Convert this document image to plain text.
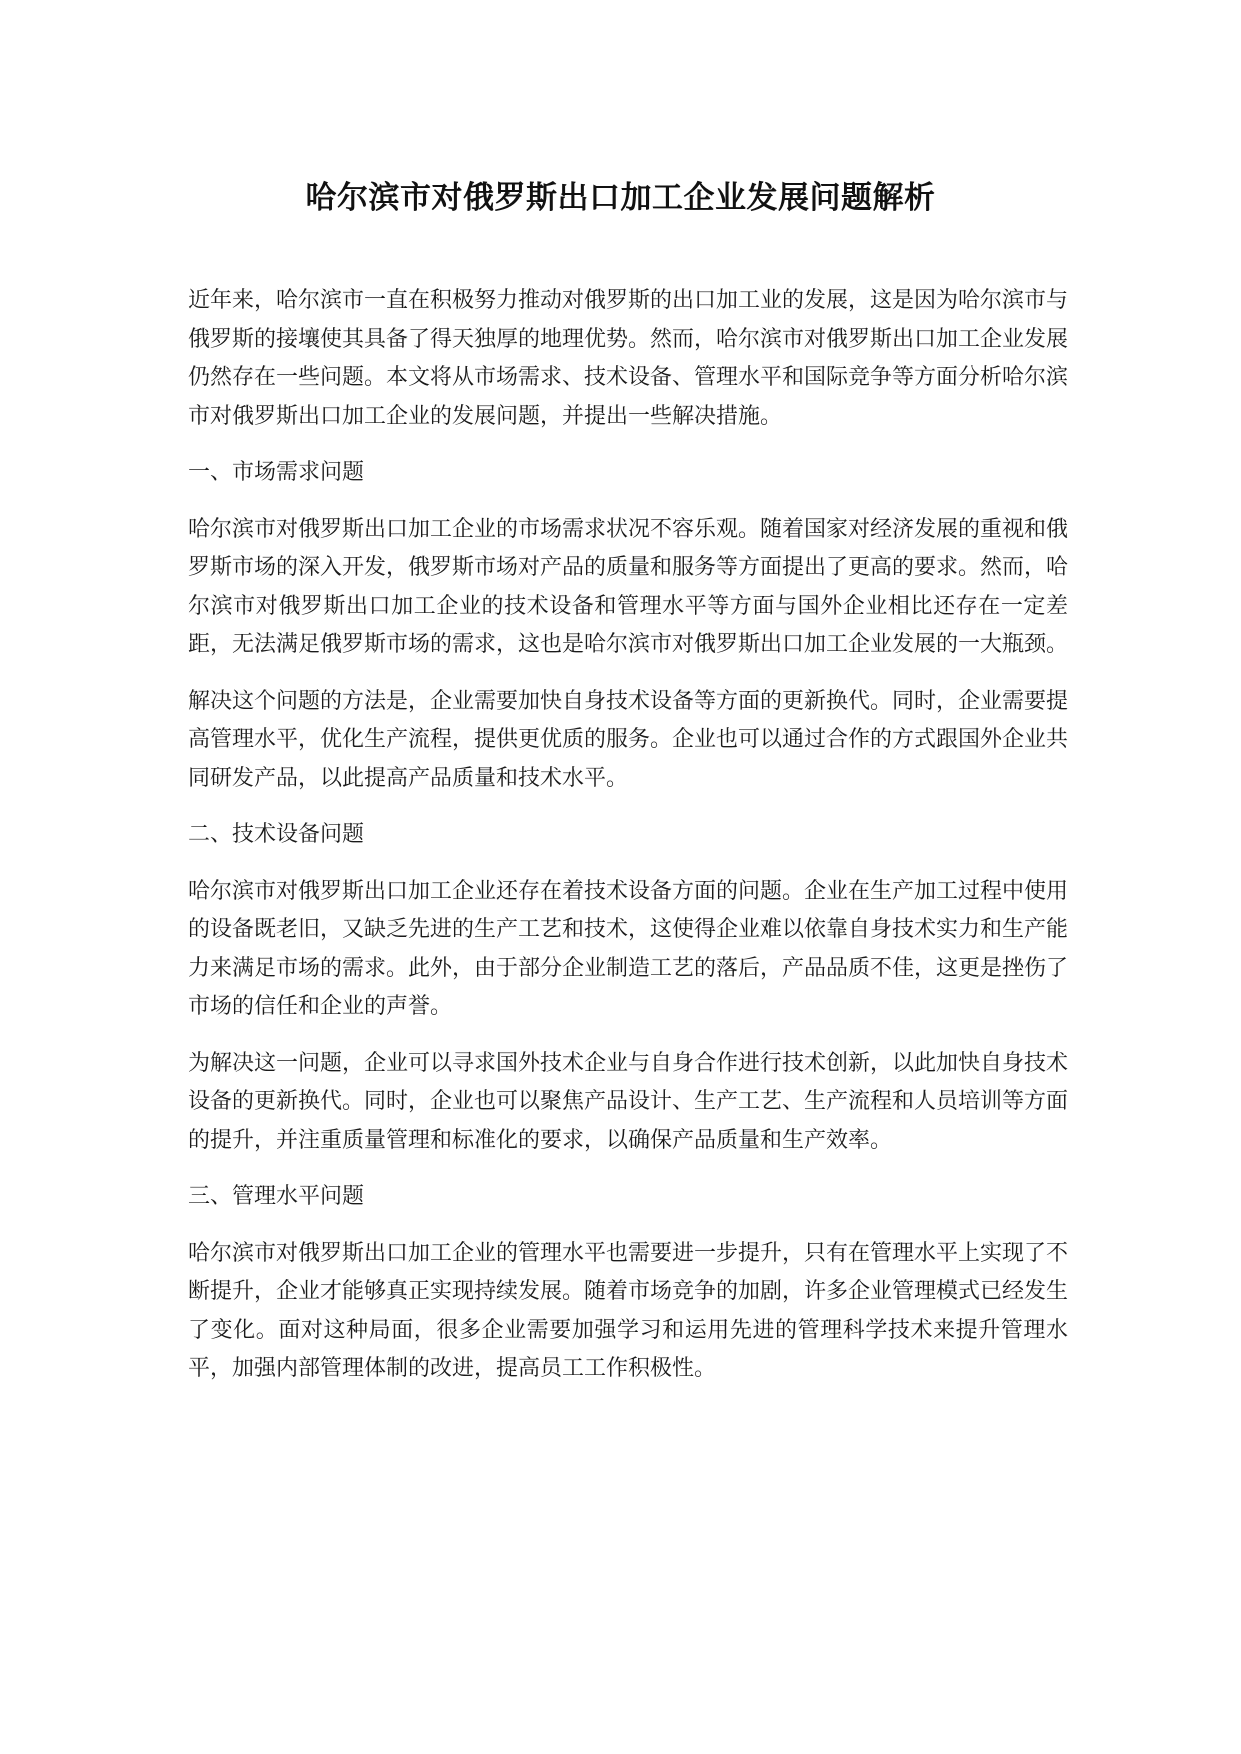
哈尔滨市对俄罗斯出口加工企业发展问题解析

近年来，哈尔滨市一直在积极努力推动对俄罗斯的出口加工业的发展，这是因为哈尔滨市与俄罗斯的接壤使其具备了得天独厚的地理优势。然而，哈尔滨市对俄罗斯出口加工企业发展仍然存在一些问题。本文将从市场需求、技术设备、管理水平和国际竞争等方面分析哈尔滨市对俄罗斯出口加工企业的发展问题，并提出一些解决措施。

一、市场需求问题

哈尔滨市对俄罗斯出口加工企业的市场需求状况不容乐观。随着国家对经济发展的重视和俄罗斯市场的深入开发，俄罗斯市场对产品的质量和服务等方面提出了更高的要求。然而，哈尔滨市对俄罗斯出口加工企业的技术设备和管理水平等方面与国外企业相比还存在一定差距，无法满足俄罗斯市场的需求，这也是哈尔滨市对俄罗斯出口加工企业发展的一大瓶颈。

解决这个问题的方法是，企业需要加快自身技术设备等方面的更新换代。同时，企业需要提高管理水平，优化生产流程，提供更优质的服务。企业也可以通过合作的方式跟国外企业共同研发产品，以此提高产品质量和技术水平。

二、技术设备问题

哈尔滨市对俄罗斯出口加工企业还存在着技术设备方面的问题。企业在生产加工过程中使用的设备既老旧，又缺乏先进的生产工艺和技术，这使得企业难以依靠自身技术实力和生产能力来满足市场的需求。此外，由于部分企业制造工艺的落后，产品品质不佳，这更是挫伤了市场的信任和企业的声誉。

为解决这一问题，企业可以寻求国外技术企业与自身合作进行技术创新，以此加快自身技术设备的更新换代。同时，企业也可以聚焦产品设计、生产工艺、生产流程和人员培训等方面的提升，并注重质量管理和标准化的要求，以确保产品质量和生产效率。

三、管理水平问题

哈尔滨市对俄罗斯出口加工企业的管理水平也需要进一步提升，只有在管理水平上实现了不断提升，企业才能够真正实现持续发展。随着市场竞争的加剧，许多企业管理模式已经发生了变化。面对这种局面，很多企业需要加强学习和运用先进的管理科学技术来提升管理水平，加强内部管理体制的改进，提高员工工作积极性。
